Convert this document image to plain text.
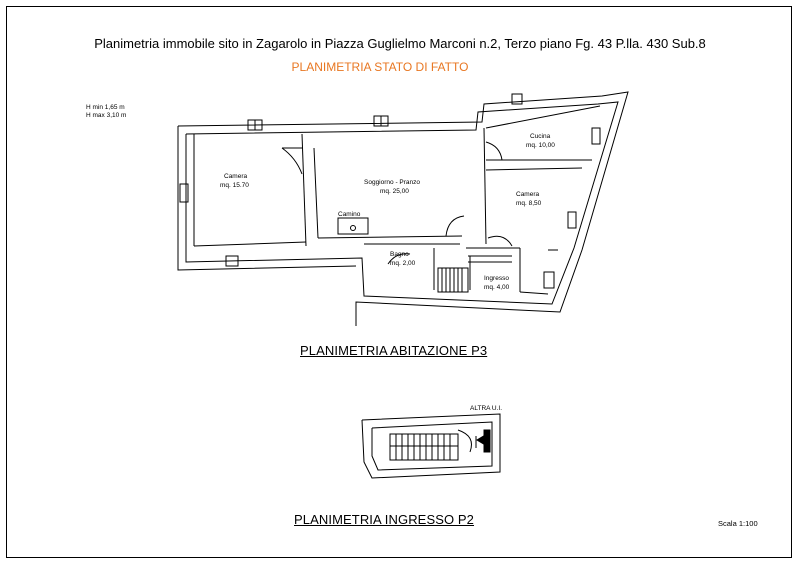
Planimetria immobile sito in Zagarolo in Piazza Guglielmo Marconi n.2, Terzo piano Fg. 43 P.lla. 430 Sub.8
PLANIMETRIA STATO DI FATTO
H min 1,65 m
H max 3,10 m
Camera
mq. 15.70	Soggiorno - Pranzo
mq. 25,00
Cucina
mq. 10,00
Camera
mq. 8,50
Bagno
mq. 2,00
Ingresso
mq. 4,00
Camino
ALTRA U.I.
PLANIMETRIA ABITAZIONE P3
PLANIMETRIA INGRESSO P2	Scala 1:100
